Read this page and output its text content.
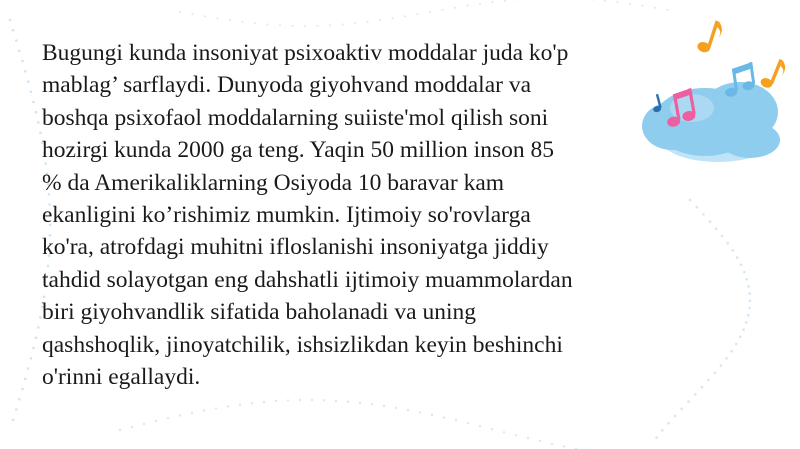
Bugungi kunda insoniyat psixoaktiv moddalar juda ko'p
mablag’ sarflaydi. Dunyoda giyohvand moddalar va
boshqa psixofaol moddalarning suiiste'mol qilish soni
hozirgi kunda 2000 ga teng. Yaqin 50 million inson 85
% da Amerikaliklarning Osiyoda 10 baravar kam
ekanligini ko’rishimiz mumkin. Ijtimoiy so'rovlarga
ko'ra, atrofdagi muhitni ifloslanishi insoniyatga jiddiy
tahdid solayotgan eng dahshatli ijtimoiy muammolardan
biri giyohvandlik sifatida baholanadi va uning
qashshoqlik, jinoyatchilik, ishsizlikdan keyin beshinchi
o'rinni egallaydi.
